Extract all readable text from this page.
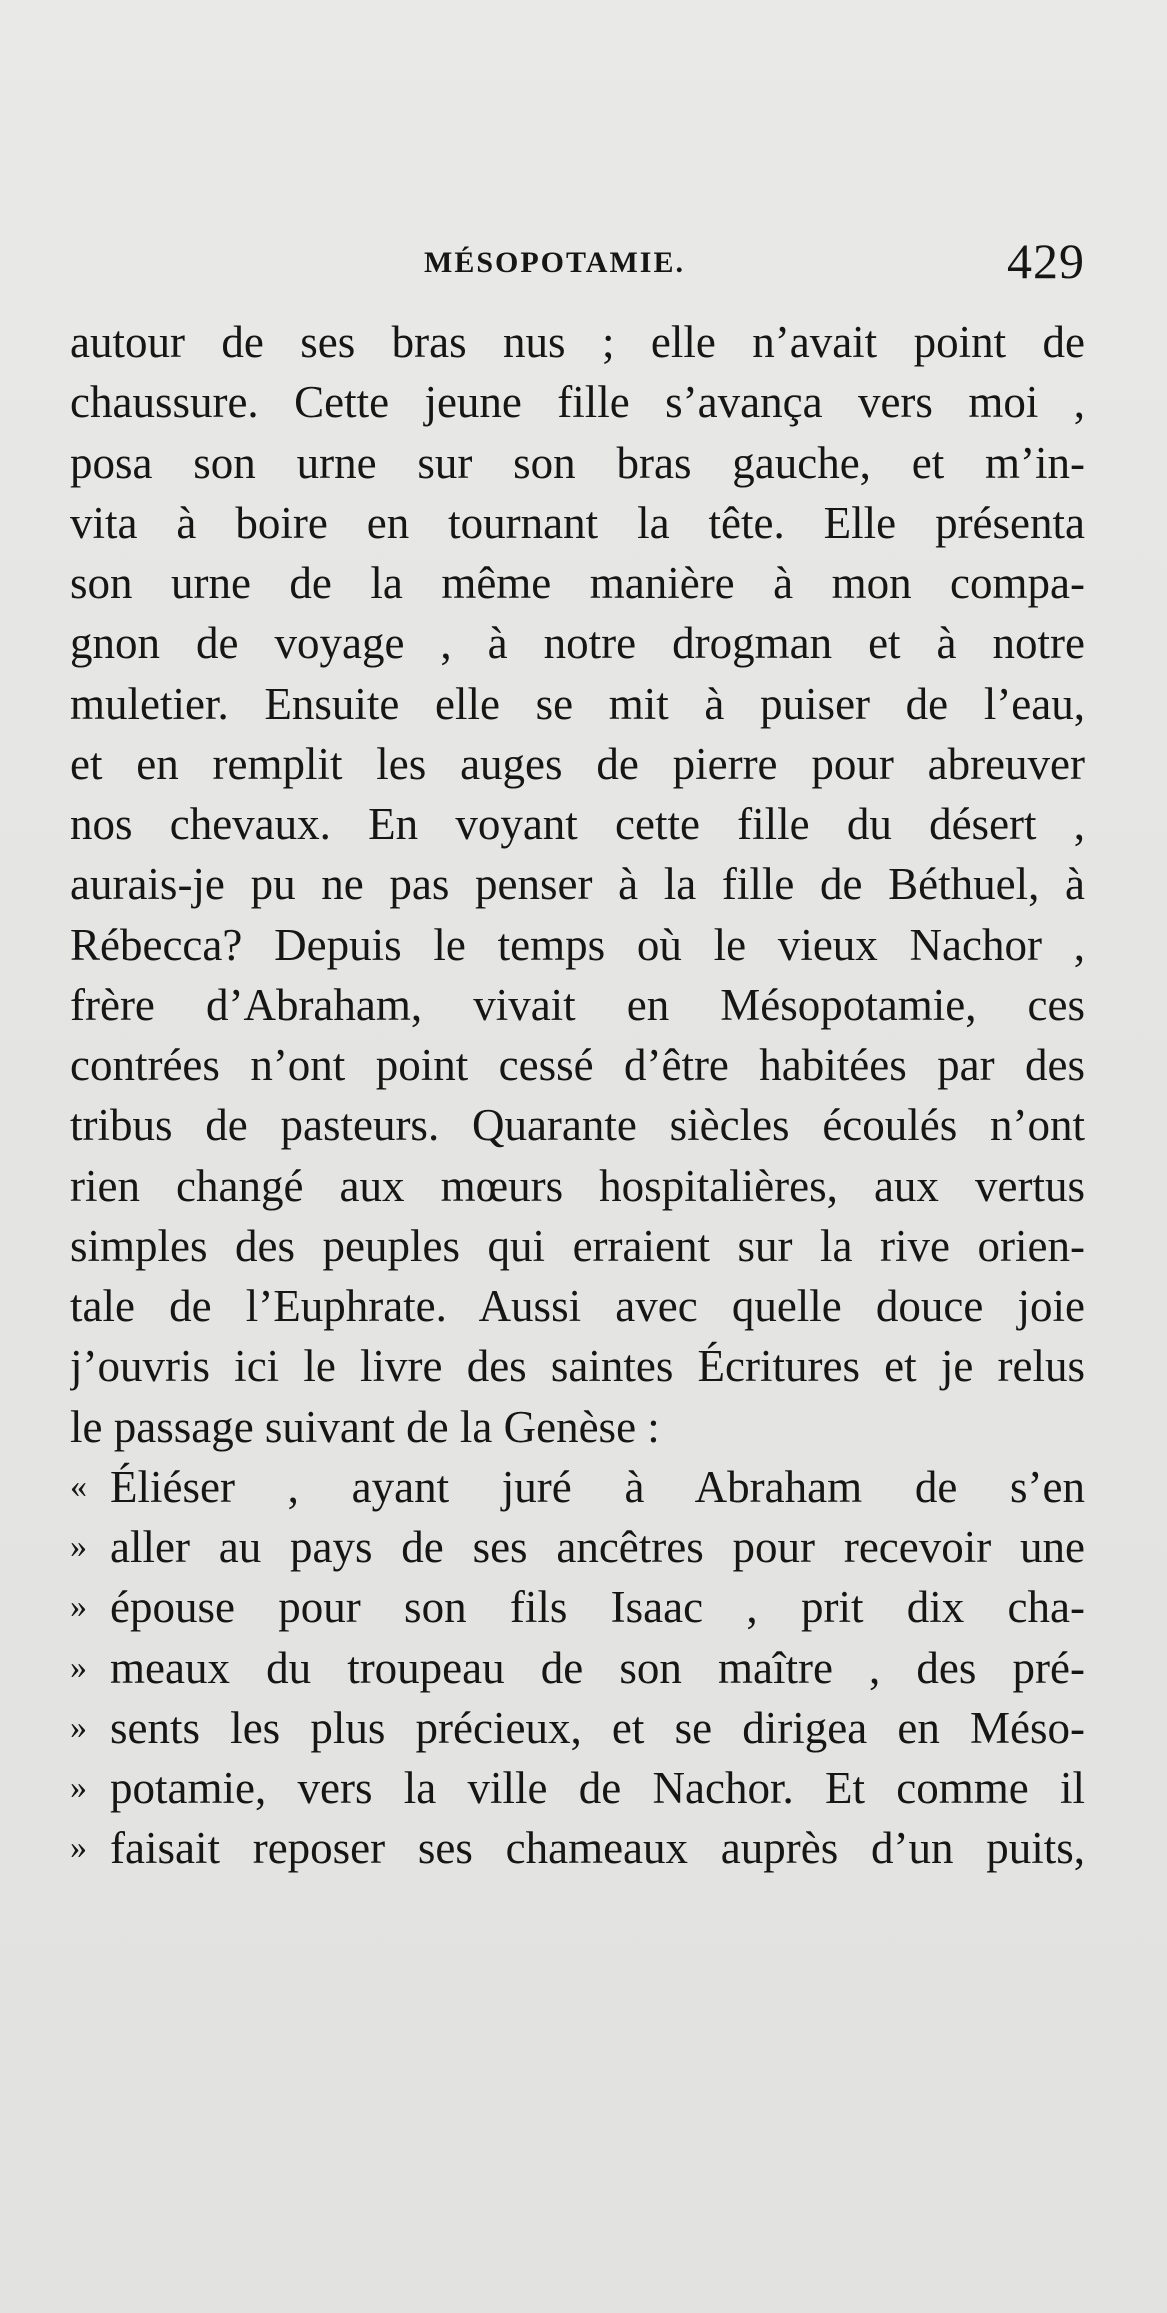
MÉSOPOTAMIE.	429
autour de ses bras nus ; elle n’avait point de
chaussure. Cette jeune fille s’avança vers moi ,
posa son urne sur son bras gauche, et m’in-
vita à boire en tournant la tête. Elle présenta
son urne de la même manière à mon compa-
gnon de voyage , à notre drogman et à notre
muletier. Ensuite elle se mit à puiser de l’eau,
et en remplit les auges de pierre pour abreuver
nos chevaux. En voyant cette fille du désert ,
aurais-je pu ne pas penser à la fille de Béthuel, à
Rébecca? Depuis le temps où le vieux Nachor ,
frère d’Abraham, vivait en Mésopotamie, ces
contrées n’ont point cessé d’être habitées par des
tribus de pasteurs. Quarante siècles écoulés n’ont
rien changé aux mœurs hospitalières, aux vertus
simples des peuples qui erraient sur la rive orien-
tale de l’Euphrate. Aussi avec quelle douce joie
j’ouvris ici le livre des saintes Écritures et je relus
le passage suivant de la Genèse :
« Éliéser , ayant juré à Abraham de s’en
» aller au pays de ses ancêtres pour recevoir une
» épouse pour son fils Isaac , prit dix cha-
» meaux du troupeau de son maître , des pré-
» sents les plus précieux, et se dirigea en Méso-
» potamie, vers la ville de Nachor. Et comme il
» faisait reposer ses chameaux auprès d’un puits,
